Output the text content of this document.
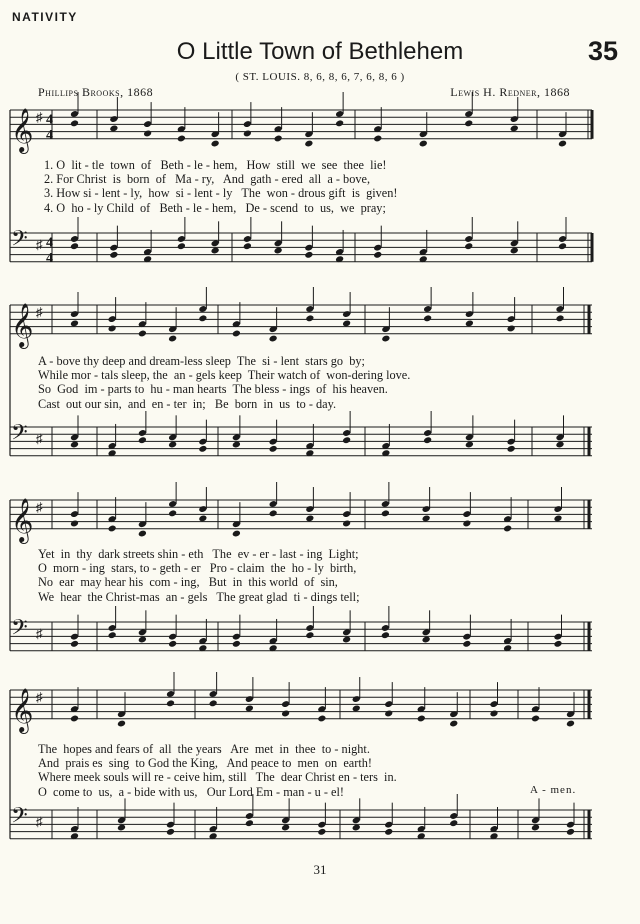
NATIVITY
O Little Town of Bethlehem	35
( ST. LOUIS. 8, 6, 8, 6, 7, 6, 8, 6 )
Phillips Brooks, 1868	Lewis H. Redner, 1868
𝄞 ♯ 4
4
𝄢 ♯ 4
4
𝄞 ♯
𝄢 ♯
𝄞 ♯
𝄢 ♯
𝄞 ♯
𝄢 ♯
1. O  lit - tle  town  of   Beth - le - hem,   How  still  we  see  thee  lie!
2. For Christ  is  born  of   Ma - ry,   And  gath - ered  all  a - bove,
3. How si - lent - ly,  how  si - lent - ly   The  won - drous gift  is  given!
4. O  ho - ly Child  of   Beth - le - hem,   De - scend  to  us,  we  pray;
A - bove thy deep and dream-less sleep  The  si - lent  stars go  by;
While mor - tals sleep, the  an - gels keep  Their watch of  won-dering love.
So  God  im - parts to  hu - man hearts  The bless - ings  of  his heaven.
Cast  out our sin,  and  en - ter  in;   Be  born  in  us  to - day.
Yet  in  thy  dark streets shin - eth   The  ev - er - last - ing  Light;
O  morn - ing  stars, to - geth - er   Pro - claim  the  ho - ly  birth,
No  ear  may hear his  com - ing,   But  in  this world  of  sin,
We  hear  the Christ-mas  an - gels   The great glad  ti - dings tell;
The  hopes and fears of  all  the years   Are  met  in  thee  to - night.
And  prais es  sing  to God the King,   And peace to  men  on  earth!
Where meek souls will re - ceive him, still   The  dear Christ en - ters  in.
O  come to  us,  a - bide with us,   Our Lord Em - man - u - el!	A - men.
31
